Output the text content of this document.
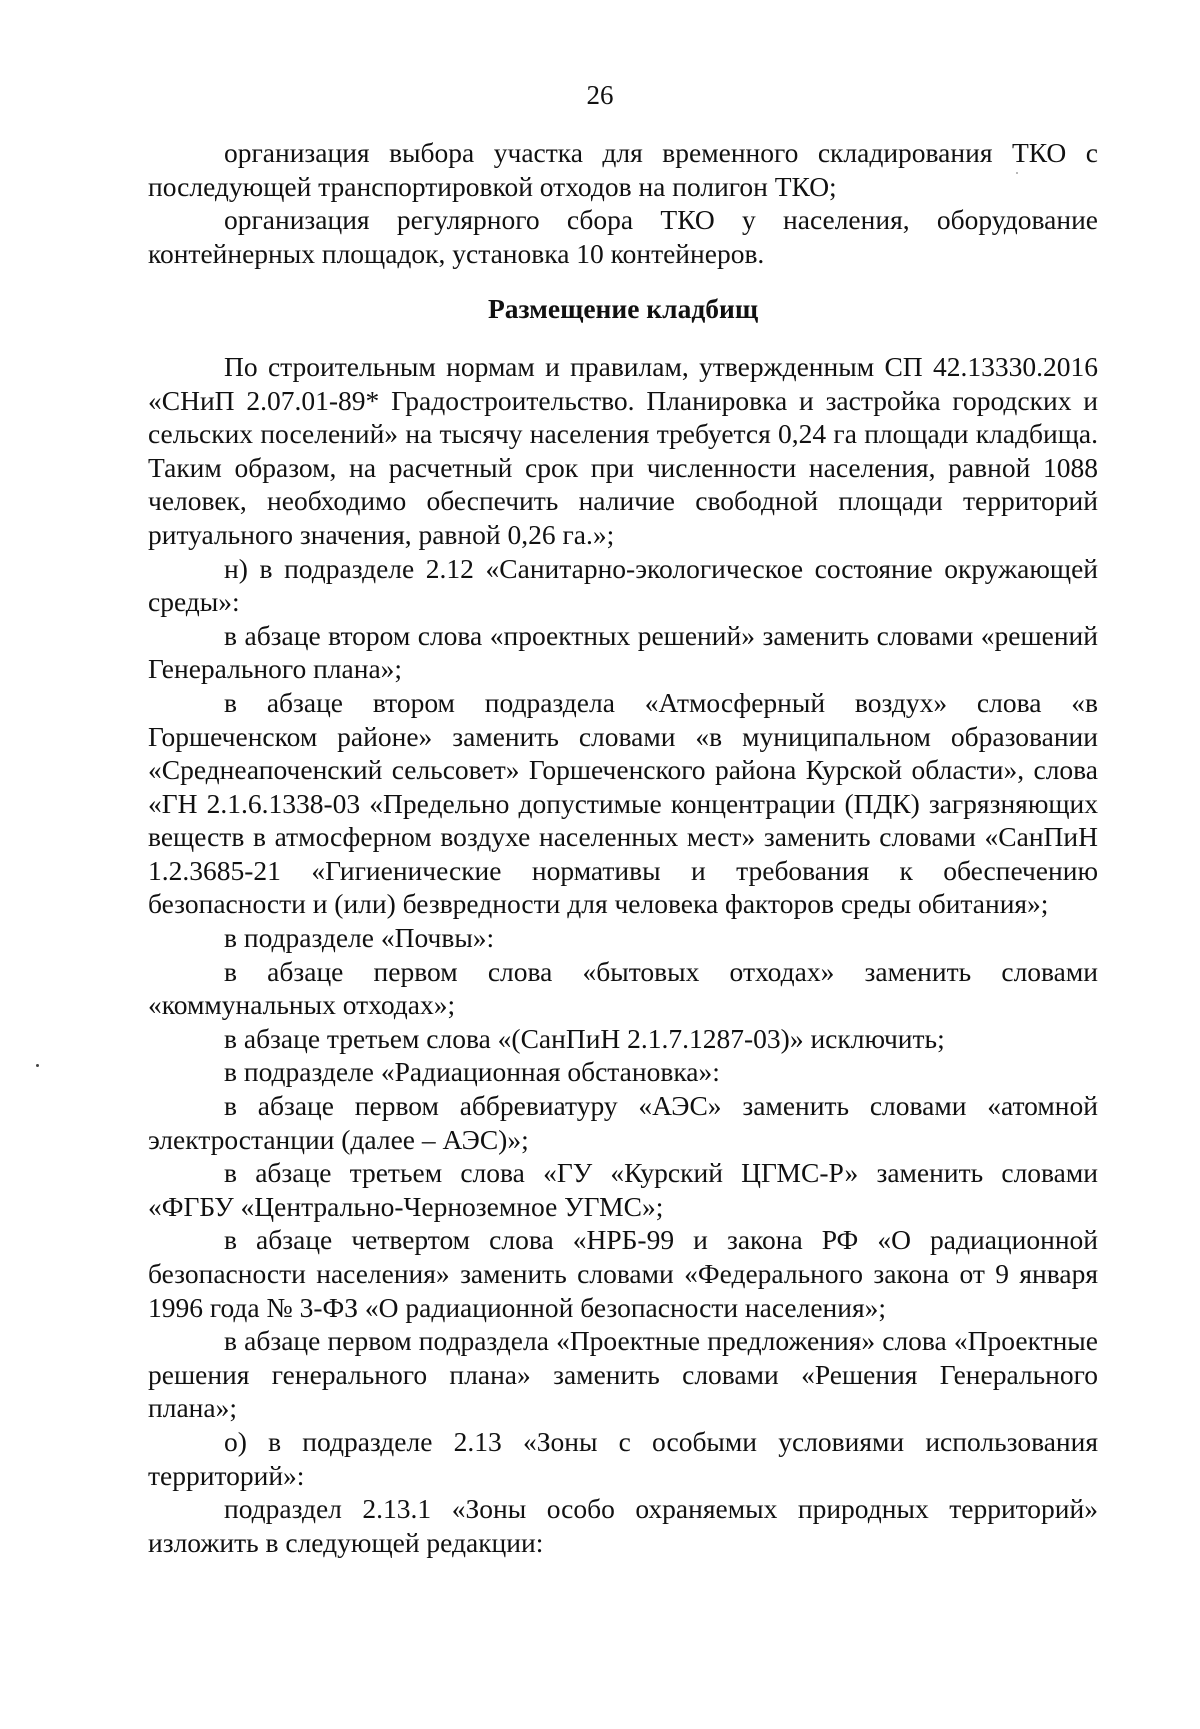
26

организация выбора участка для временного складирования ТКО с последующей транспортировкой отходов на полигон ТКО;

организация регулярного сбора ТКО у населения, оборудование контейнерных площадок, установка 10 контейнеров.

Размещение кладбищ

По строительным нормам и правилам, утвержденным СП 42.13330.2016 «СНиП 2.07.01-89* Градостроительство. Планировка и застройка городских и сельских поселений» на тысячу населения требуется 0,24 га площади кладбища. Таким образом, на расчетный срок при численности населения, равной 1088 человек, необходимо обеспечить наличие свободной площади территорий ритуального значения, равной 0,26 га.»;

н) в подразделе 2.12 «Санитарно-экологическое состояние окружающей среды»:

в абзаце втором слова «проектных решений» заменить словами «решений Генерального плана»;

в абзаце втором подраздела «Атмосферный воздух» слова «в Горшеченском районе» заменить словами «в муниципальном образовании «Среднеапоченский сельсовет» Горшеченского района Курской области», слова «ГН 2.1.6.1338-03 «Предельно допустимые концентрации (ПДК) загрязняющих веществ в атмосферном воздухе населенных мест» заменить словами «СанПиН 1.2.3685-21 «Гигиенические нормативы и требования к обеспечению безопасности и (или) безвредности для человека факторов среды обитания»;

в подразделе «Почвы»:

в абзаце первом слова «бытовых отходах» заменить словами «коммунальных отходах»;

в абзаце третьем слова «(СанПиН 2.1.7.1287-03)» исключить;

в подразделе «Радиационная обстановка»:

в абзаце первом аббревиатуру «АЭС» заменить словами «атомной электростанции (далее – АЭС)»;

в абзаце третьем слова «ГУ «Курский ЦГМС-Р» заменить словами «ФГБУ «Центрально-Черноземное УГМС»;

в абзаце четвертом слова «НРБ-99 и закона РФ «О радиационной безопасности населения» заменить словами «Федерального закона от 9 января 1996 года № 3-ФЗ «О радиационной безопасности населения»;

в абзаце первом подраздела «Проектные предложения» слова «Проектные решения генерального плана» заменить словами «Решения Генерального плана»;

о) в подразделе 2.13 «Зоны с особыми условиями использования территорий»:

подраздел 2.13.1 «Зоны особо охраняемых природных территорий» изложить в следующей редакции:
